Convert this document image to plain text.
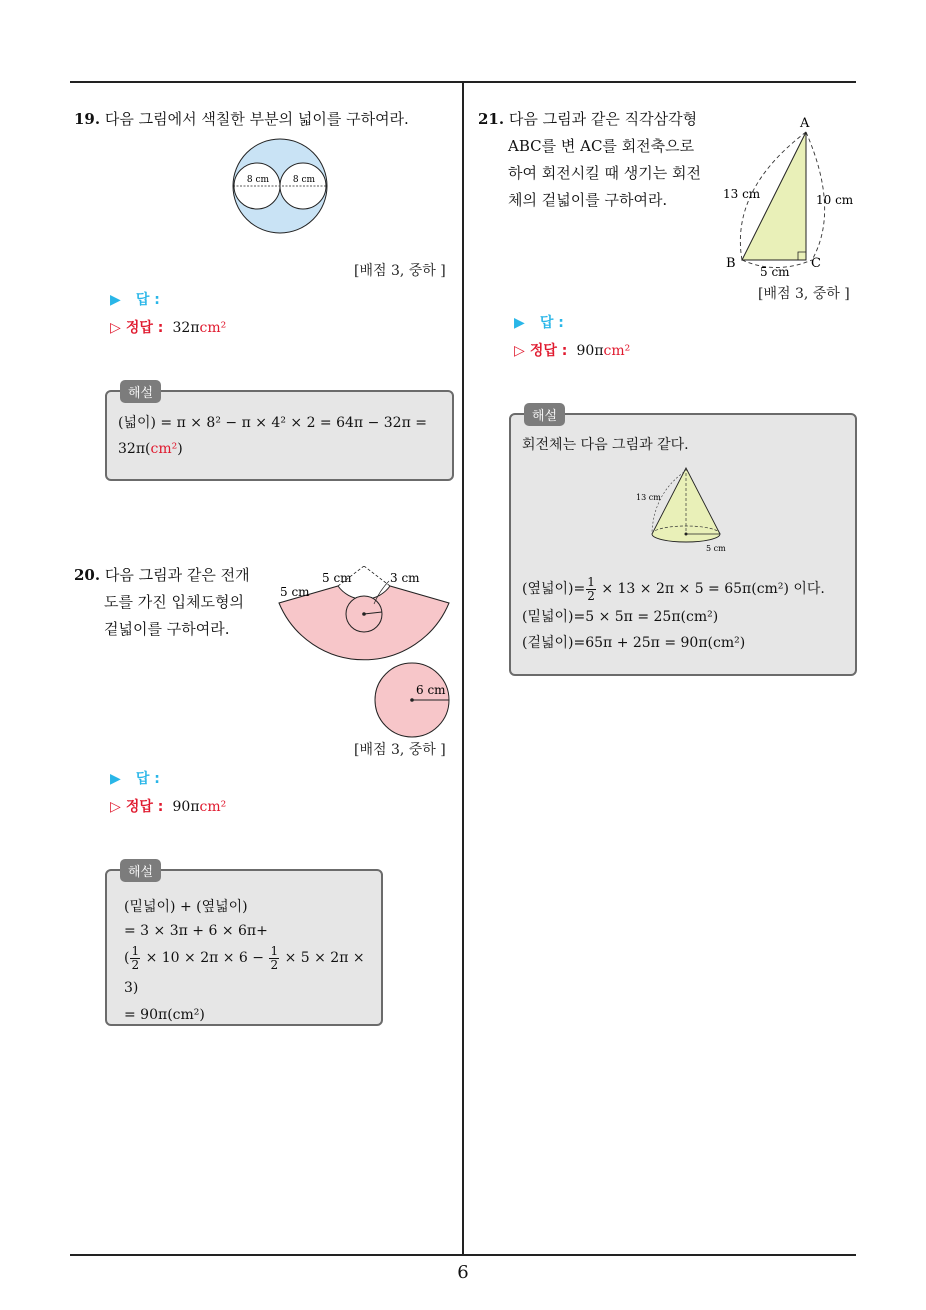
6
19. 다음 그림에서 색칠한 부분의 넓이를 구하여라.
8 cm	8 cm
[배점 3, 중하 ]
▶ 답 :
▷ 정답 : 32πcm²
해설
(넓이) = π × 8² − π × 4² × 2 = 64π − 32π =
32π(cm²)
20. 다음 그림과 같은 전개
도를 가진 입체도형의
겉넓이를 구하여라.
5 cm
5 cm	3 cm
6 cm
[배점 3, 중하 ]
▶ 답 :
▷ 정답 : 90πcm²
해설
(밑넓이) + (옆넓이)
= 3 × 3π + 6 × 6π+
( $\frac{1}{2} \times 10 \times 2\pi \times 6 - \frac{1}{2} \times 5 \times 2\pi \times 3$)
= 90π(cm²)
21. 다음 그림과 같은 직각삼각형
ABC를 변 AC를 회전축으로
하여 회전시킬 때 생기는 회전
체의 겉넓이를 구하여라.
A
B	C
13 cm	10 cm
5 cm
[배점 3, 중하 ]
▶ 답 :
▷ 정답 : 90πcm²
해설
회전체는 다음 그림과 같다.
13 cm
5 cm
(옆넓이)= $\frac{1}{2} \times 13 \times 2\pi \times 5 = 65\pi(cm^2)$ 이다.
(밑넓이)=5 × 5π = 25π(cm²)
(겉넓이)=65π + 25π = 90π(cm²)
